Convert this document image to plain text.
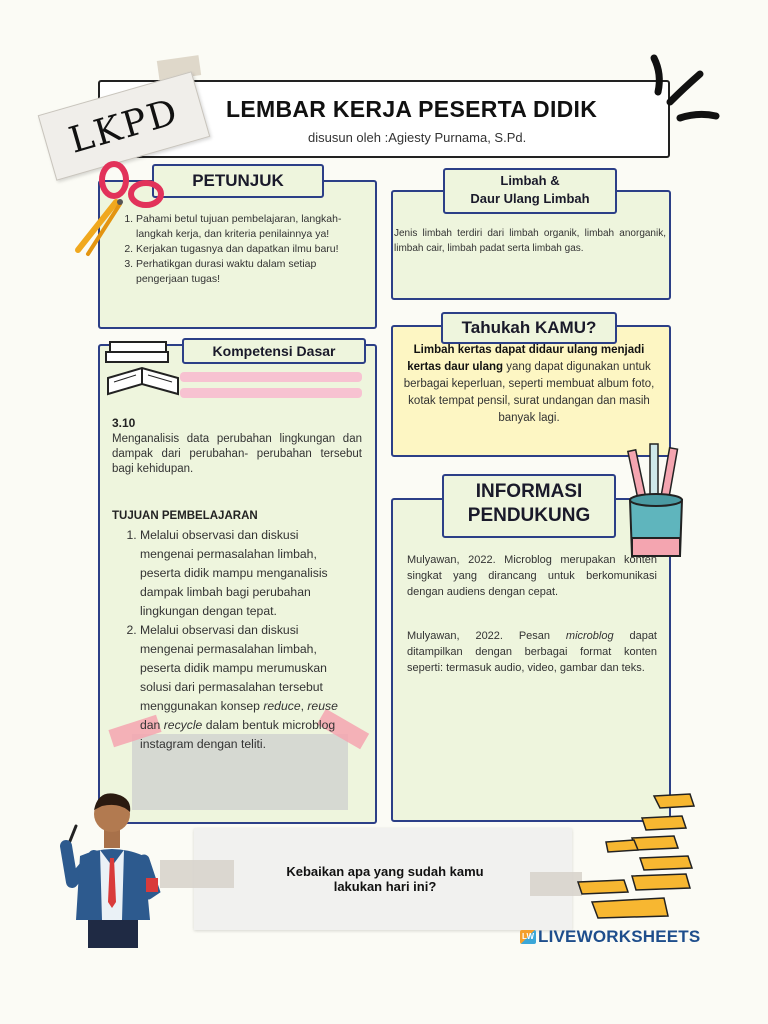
LEMBAR KERJA PESERTA DIDIK
disusun oleh :Agiesty Purnama, S.Pd.
LKPD
PETUNJUK
1. Pahami betul tujuan pembelajaran, langkah-langkah kerja, dan kriteria penilainnya ya!
2. Kerjakan tugasnya dan dapatkan ilmu baru!
3. Perhatikgan durasi waktu dalam setiap pengerjaan tugas!
Limbah &
Daur Ulang Limbah
Jenis limbah terdiri dari limbah organik, limbah anorganik, limbah cair, limbah padat serta limbah gas.
Kompetensi Dasar
3.10
Menganalisis data perubahan lingkungan dan dampak dari perubahan- perubahan tersebut bagi kehidupan.
TUJUAN PEMBELAJARAN
1. Melalui observasi dan diskusi mengenai permasalahan limbah, peserta didik mampu menganalisis dampak limbah bagi perubahan lingkungan dengan tepat.
2. Melalui observasi dan diskusi mengenai permasalahan limbah, peserta didik mampu merumuskan solusi dari permasalahan tersebut menggunakan konsep reduce, reuse dan recycle dalam bentuk microblog instagram dengan teliti.
Tahukah KAMU?
Limbah kertas dapat didaur ulang menjadi kertas daur ulang yang dapat digunakan untuk berbagai keperluan, seperti membuat album foto, kotak tempat pensil, surat undangan dan masih banyak lagi.
INFORMASI
PENDUKUNG
Mulyawan, 2022. Microblog merupakan konten singkat yang dirancang untuk berkomunikasi dengan audiens dengan cepat.
Mulyawan, 2022. Pesan microblog dapat ditampilkan dengan berbagai format konten seperti: termasuk audio, video, gambar dan teks.
Kebaikan apa yang sudah kamu
lakukan hari ini?
LW LIVEWORKSHEETS
